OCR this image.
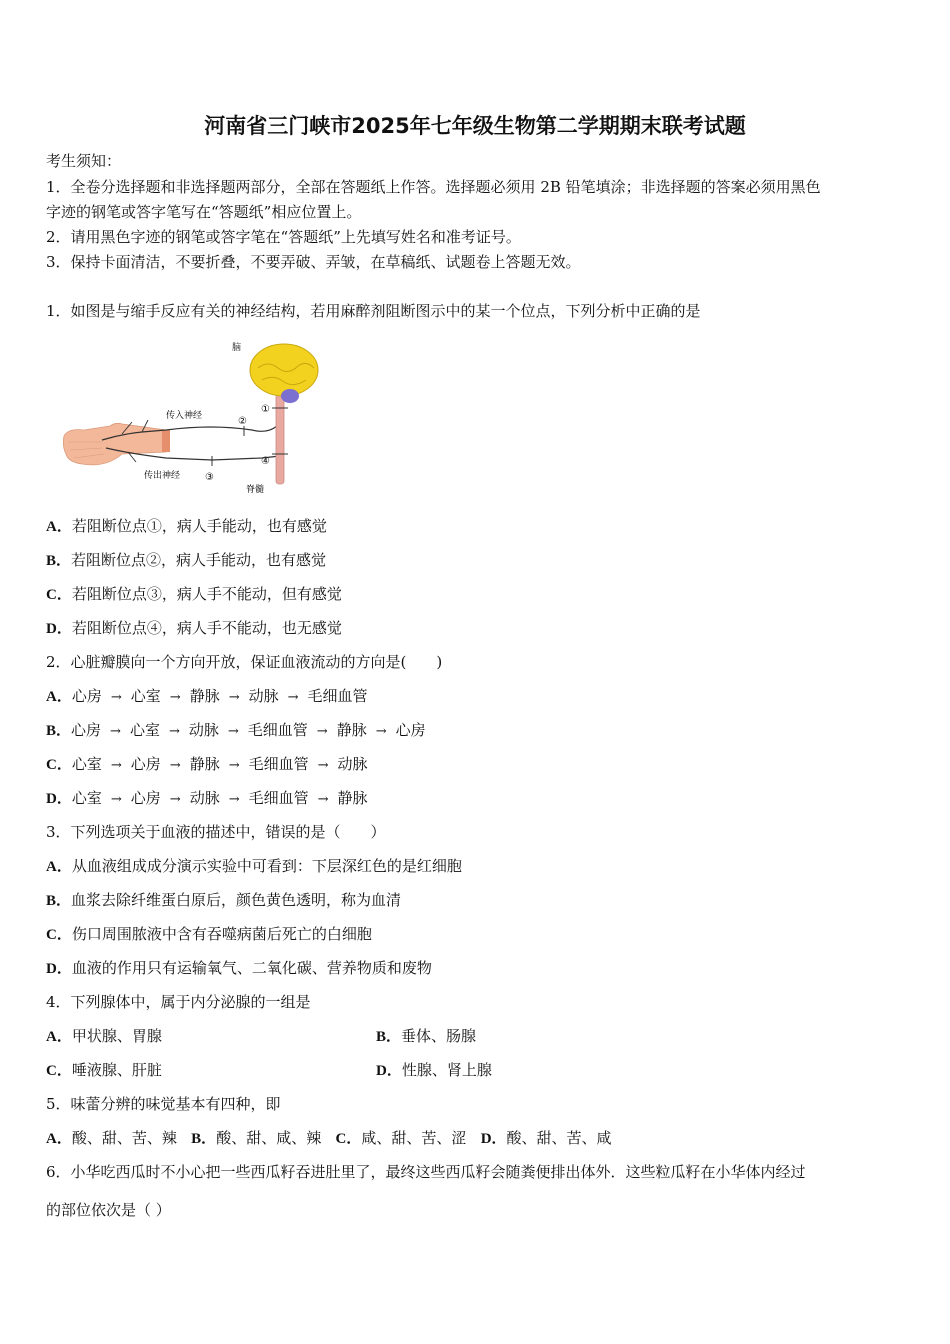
河南省三门峡市2025年七年级生物第二学期期末联考试题
考生须知：
1．全卷分选择题和非选择题两部分，全部在答题纸上作答。选择题必须用 2B 铅笔填涂；非选择题的答案必须用黑色
字迹的钢笔或答字笔写在“答题纸”相应位置上。
2．请用黑色字迹的钢笔或答字笔在“答题纸”上先填写姓名和准考证号。
3．保持卡面清洁，不要折叠，不要弄破、弄皱，在草稿纸、试题卷上答题无效。
1．如图是与缩手反应有关的神经结构，若用麻醉剂阻断图示中的某一个位点，下列分析中正确的是
脑
传入神经
传出神经
脊髓
①
②
③
④
A．若阻断位点①，病人手能动，也有感觉
B．若阻断位点②，病人手能动，也有感觉
C．若阻断位点③，病人手不能动，但有感觉
D．若阻断位点④，病人手不能动，也无感觉
2．心脏瓣膜向一个方向开放，保证血液流动的方向是(　　)
A．心房 → 心室 → 静脉 → 动脉 → 毛细血管
B．心房 → 心室 → 动脉 → 毛细血管 → 静脉 → 心房
C．心室 → 心房 → 静脉 → 毛细血管 → 动脉
D．心室 → 心房 → 动脉 → 毛细血管 → 静脉
3．下列选项关于血液的描述中，错误的是（　　）
A．从血液组成成分演示实验中可看到：下层深红色的是红细胞
B．血浆去除纤维蛋白原后，颜色黄色透明，称为血清
C．伤口周围脓液中含有吞噬病菌后死亡的白细胞
D．血液的作用只有运输氧气、二氧化碳、营养物质和废物
4．下列腺体中，属于内分泌腺的一组是
A．甲状腺、胃腺	B．垂体、肠腺
C．唾液腺、肝脏	D．性腺、肾上腺
5．味蕾分辨的味觉基本有四种，即
A．酸、甜、苦、辣 B．酸、甜、咸、辣 C．咸、甜、苦、涩 D．酸、甜、苦、咸
6．小华吃西瓜时不小心把一些西瓜籽吞进肚里了，最终这些西瓜籽会随粪便排出体外．这些粒瓜籽在小华体内经过
的部位依次是（ ）
